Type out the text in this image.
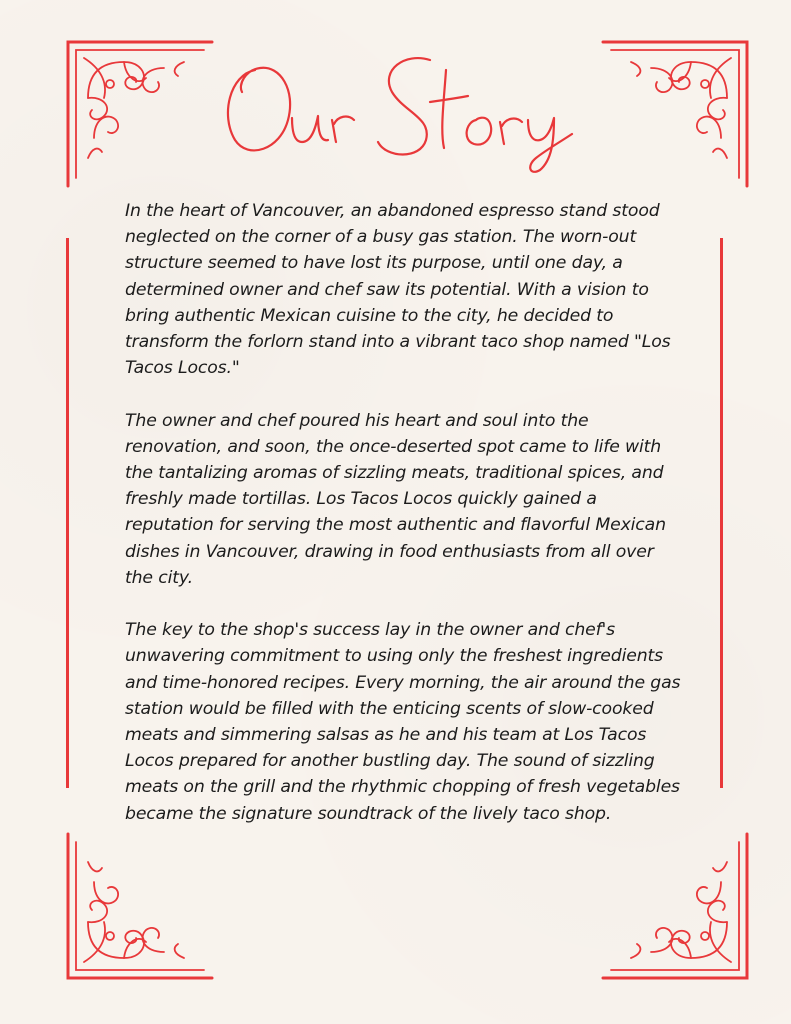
In the heart of Vancouver, an abandoned espresso stand stood neglected on the corner of a busy gas station. The worn-out structure seemed to have lost its purpose, until one day, a determined owner and chef saw its potential. With a vision to bring authentic Mexican cuisine to the city, he decided to transform the forlorn stand into a vibrant taco shop named "Los Tacos Locos."

The owner and chef poured his heart and soul into the renovation, and soon, the once-deserted spot came to life with the tantalizing aromas of sizzling meats, traditional spices, and freshly made tortillas. Los Tacos Locos quickly gained a reputation for serving the most authentic and flavorful Mexican dishes in Vancouver, drawing in food enthusiasts from all over the city.

The key to the shop's success lay in the owner and chef's unwavering commitment to using only the freshest ingredients and time-honored recipes. Every morning, the air around the gas station would be filled with the enticing scents of slow-cooked meats and simmering salsas as he and his team at Los Tacos Locos prepared for another bustling day. The sound of sizzling meats on the grill and the rhythmic chopping of fresh vegetables became the signature soundtrack of the lively taco shop.
